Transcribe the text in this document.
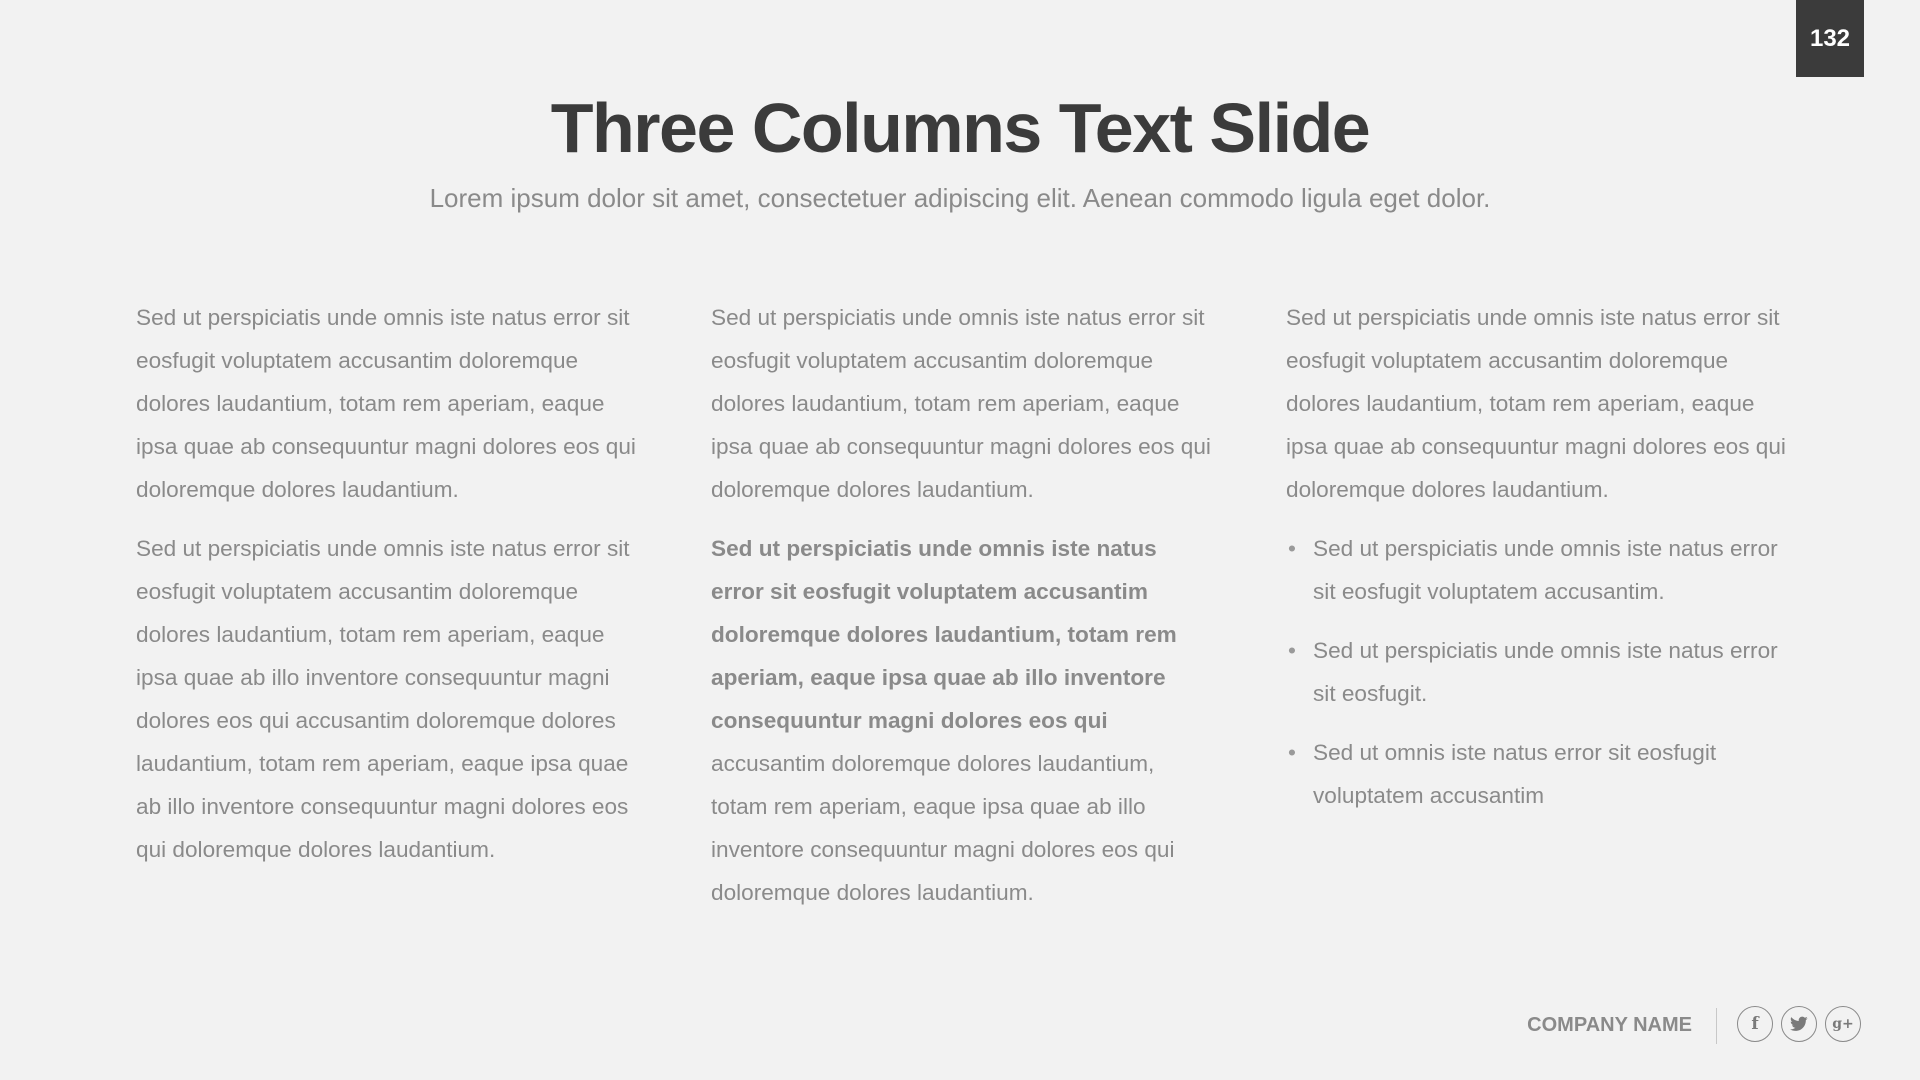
132
Three Columns Text Slide

Lorem ipsum dolor sit amet, consectetuer adipiscing elit. Aenean commodo ligula eget dolor.

Sed ut perspiciatis unde omnis iste natus error sit eosfugit voluptatem accusantim doloremque dolores laudantium, totam rem aperiam, eaque ipsa quae ab consequuntur magni dolores eos qui doloremque dolores laudantium.

Sed ut perspiciatis unde omnis iste natus error sit eosfugit voluptatem accusantim doloremque dolores laudantium, totam rem aperiam, eaque ipsa quae ab illo inventore consequuntur magni dolores eos qui accusantim doloremque dolores laudantium, totam rem aperiam, eaque ipsa quae ab illo inventore consequuntur magni dolores eos qui doloremque dolores laudantium.

Sed ut perspiciatis unde omnis iste natus error sit eosfugit voluptatem accusantim doloremque dolores laudantium, totam rem aperiam, eaque ipsa quae ab consequuntur magni dolores eos qui doloremque dolores laudantium.

Sed ut perspiciatis unde omnis iste natus error sit eosfugit voluptatem accusantim doloremque dolores laudantium, totam rem aperiam, eaque ipsa quae ab illo inventore consequuntur magni dolores eos qui accusantim doloremque dolores laudantium, totam rem aperiam, eaque ipsa quae ab illo inventore consequuntur magni dolores eos qui doloremque dolores laudantium.

Sed ut perspiciatis unde omnis iste natus error sit eosfugit voluptatem accusantim doloremque dolores laudantium, totam rem aperiam, eaque ipsa quae ab consequuntur magni dolores eos qui doloremque dolores laudantium.

• Sed ut perspiciatis unde omnis iste natus error sit eosfugit voluptatem accusantim.
• Sed ut perspiciatis unde omnis iste natus error sit eosfugit.
• Sed ut omnis iste natus error sit eosfugit voluptatem accusantim
COMPANY NAME	f	g+
